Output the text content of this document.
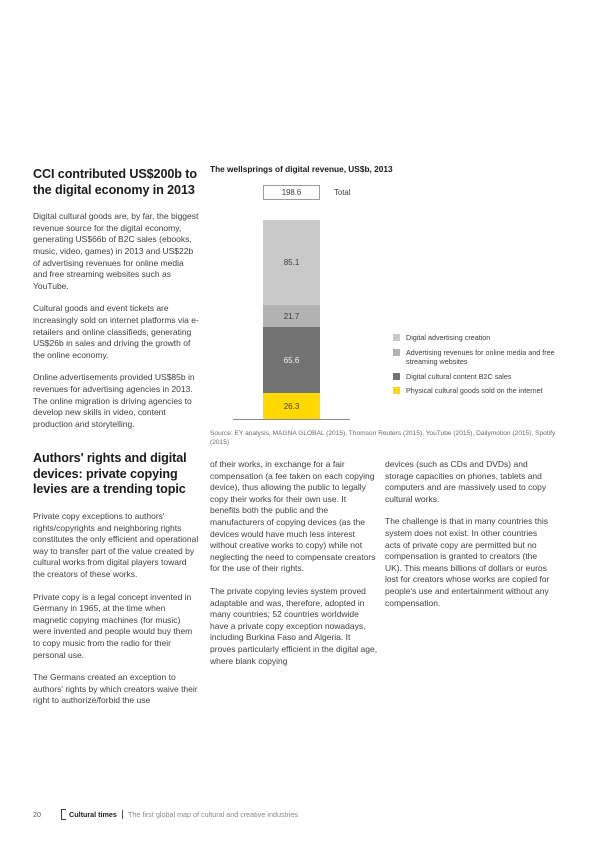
CCI contributed US$200b to the digital economy in 2013

Digital cultural goods are, by far, the biggest revenue source for the digital economy, generating US$66b of B2C sales (ebooks, music, video, games) in 2013 and US$22b of advertising revenues for online media and free streaming websites such as YouTube.

Cultural goods and event tickets are increasingly sold on internet platforms via e-retailers and online classifieds, generating US$26b in sales and driving the growth of the online economy.

Online advertisements provided US$85b in revenues for advertising agencies in 2013. The online migration is driving agencies to develop new skills in video, content production and storytelling.

Authors' rights and digital devices: private copying levies are a trending topic

Private copy exceptions to authors' rights/copyrights and neighboring rights constitutes the only efficient and operational way to transfer part of the value created by cultural works from digital players toward the creators of these works.

Private copy is a legal concept invented in Germany in 1965, at the time when magnetic copying machines (for music) were invented and people would buy them to copy music from the radio for their personal use.

The Germans created an exception to authors' rights by which creators waive their right to authorize/forbid the use

The wellsprings of digital revenue, US$b, 2013
198.6	Total
85.1
21.7
65.6
26.3
Digital advertising creation
Advertising revenues for online media and free streaming websites
Digital cultural content B2C sales
Physical cultural goods sold on the internet
Source: EY analysis, MAGNA GLOBAL (2015), Thomson Reuters (2015), YouTube (2015), Dailymotion (2015), Spotify (2015)

of their works, in exchange for a fair compensation (a fee taken on each copying device), thus allowing the public to legally copy their works for their own use. It benefits both the public and the manufacturers of copying devices (as the devices would have much less interest without creative works to copy) while not neglecting the need to compensate creators for the use of their rights.

The private copying levies system proved adaptable and was, therefore, adopted in many countries; 52 countries worldwide have a private copy exception nowadays, including Burkina Faso and Algeria. It proves particularly efficient in the digital age, where blank copying

devices (such as CDs and DVDs) and storage capacities on phones, tablets and computers and are massively used to copy cultural works.

The challenge is that in many countries this system does not exist. In other countries acts of private copy are permitted but no compensation is granted to creators (the UK). This means billions of dollars or euros lost for creators whose works are copied for people's use and entertainment without any compensation.

20	Cultural times The first global map of cultural and creative industries
